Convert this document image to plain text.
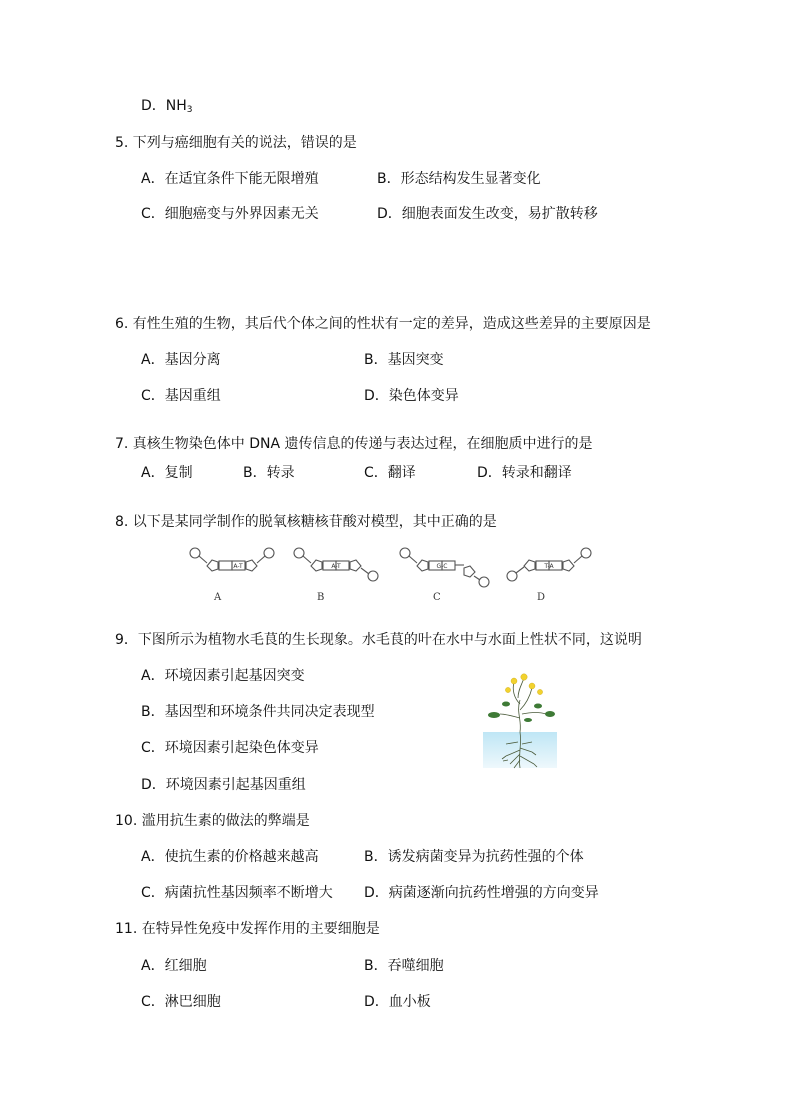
D．$NH_3$
5. 下列与癌细胞有关的说法，错误的是
A．在适宜条件下能无限增殖	B．形态结构发生显著变化
C．细胞癌变与外界因素无关	D．细胞表面发生改变，易扩散转移
6. 有性生殖的生物，其后代个体之间的性状有一定的差异，造成这些差异的主要原因是
A．基因分离	B．基因突变
C．基因重组	D．染色体变异
7. 真核生物染色体中 DNA 遗传信息的传递与表达过程，在细胞质中进行的是
A．复制	B．转录	C．翻译	D．转录和翻译
8. 以下是某同学制作的脱氧核糖核苷酸对模型，其中正确的是
A-T
A
A-T
B
G-C
C
T-A
D
9．下图所示为植物水毛茛的生长现象。水毛茛的叶在水中与水面上性状不同，这说明
A．环境因素引起基因突变
B．基因型和环境条件共同决定表现型
C．环境因素引起染色体变异
D．环境因素引起基因重组
10. 滥用抗生素的做法的弊端是
A．使抗生素的价格越来越高	B．诱发病菌变异为抗药性强的个体
C．病菌抗性基因频率不断增大 D．病菌逐渐向抗药性增强的方向变异
11. 在特异性免疫中发挥作用的主要细胞是
A．红细胞	B．吞噬细胞
C．淋巴细胞	D．血小板
